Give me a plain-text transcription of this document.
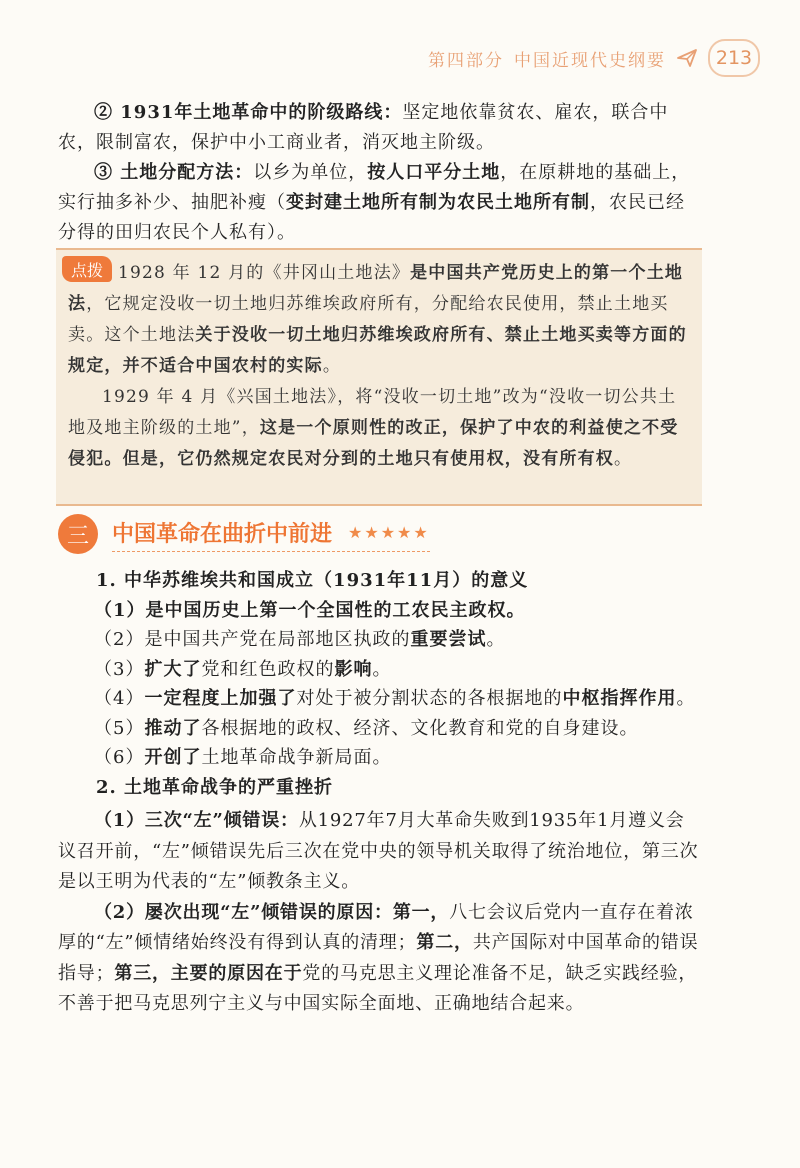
第四部分 中国近现代史纲要	213

② 1931年土地革命中的阶级路线：坚定地依靠贫农、雇农，联合中农，限制富农，保护中小工商业者，消灭地主阶级。

③ 土地分配方法：以乡为单位，按人口平分土地，在原耕地的基础上，实行抽多补少、抽肥补瘦（变封建土地所有制为农民土地所有制，农民已经分得的田归农民个人私有）。

点拨 1928 年 12 月的《井冈山土地法》是中国共产党历史上的第一个土地法，它规定没收一切土地归苏维埃政府所有，分配给农民使用，禁止土地买卖。这个土地法关于没收一切土地归苏维埃政府所有、禁止土地买卖等方面的规定，并不适合中国农村的实际。

1929 年 4 月《兴国土地法》，将“没收一切土地”改为“没收一切公共土地及地主阶级的土地”，这是一个原则性的改正，保护了中农的利益使之不受侵犯。但是，它仍然规定农民对分到的土地只有使用权，没有所有权。

三	中国革命在曲折中前进 ★★★★★
1. 中华苏维埃共和国成立（1931年11月）的意义
（1）是中国历史上第一个全国性的工农民主政权。
（2）是中国共产党在局部地区执政的重要尝试。
（3）扩大了党和红色政权的影响。
（4）一定程度上加强了对处于被分割状态的各根据地的中枢指挥作用。
（5）推动了各根据地的政权、经济、文化教育和党的自身建设。
（6）开创了土地革命战争新局面。
2. 土地革命战争的严重挫折

（1）三次“左”倾错误：从1927年7月大革命失败到1935年1月遵义会议召开前，“左”倾错误先后三次在党中央的领导机关取得了统治地位，第三次是以王明为代表的“左”倾教条主义。

（2）屡次出现“左”倾错误的原因：第一，八七会议后党内一直存在着浓厚的“左”倾情绪始终没有得到认真的清理；第二，共产国际对中国革命的错误指导；第三，主要的原因在于党的马克思主义理论准备不足，缺乏实践经验，不善于把马克思列宁主义与中国实际全面地、正确地结合起来。
